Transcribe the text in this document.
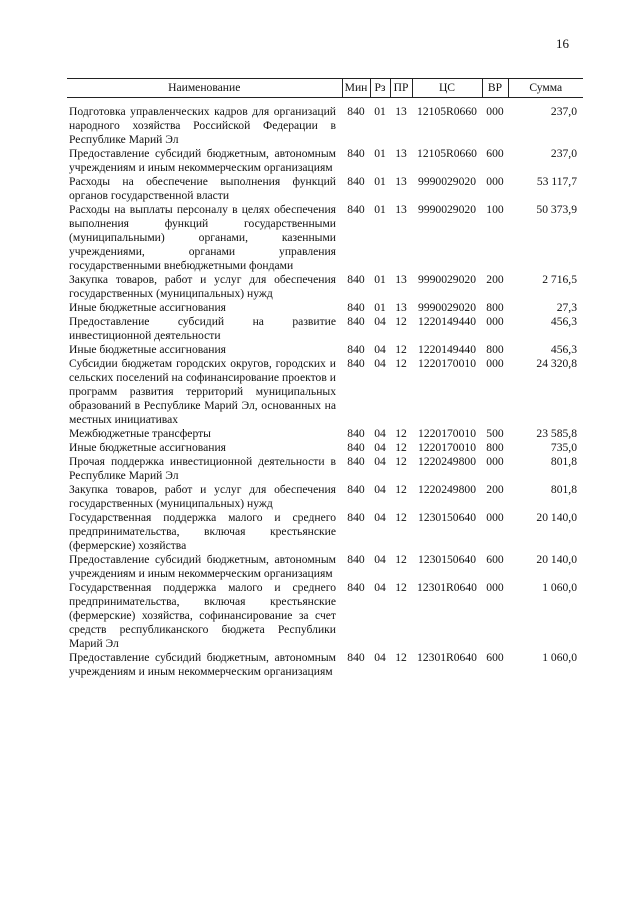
16
Наименование	Мин	Рз	ПР	ЦС	ВР	Сумма
Подготовка управленческих кадров для организаций народного хозяйства Российской Федерации в Республике Марий Эл	840	01	13	12105R0660	000	237,0
Предоставление субсидий бюджетным, автономным учреждениям и иным некоммерческим организациям	840	01	13	12105R0660	600	237,0
Расходы на обеспечение выполнения функций органов государственной власти	840	01	13	9990029020	000	53 117,7
Расходы на выплаты персоналу в целях обеспечения выполнения функций государственными (муниципальными) органами, казенными учреждениями, органами управления государственными внебюджетными фондами	840	01	13	9990029020	100	50 373,9
Закупка товаров, работ и услуг для обеспечения государственных (муниципальных) нужд	840	01	13	9990029020	200	2 716,5
Иные бюджетные ассигнования	840	01	13	9990029020	800	27,3
Предоставление субсидий на развитие инвестиционной деятельности	840	04	12	1220149440	000	456,3
Иные бюджетные ассигнования	840	04	12	1220149440	800	456,3
Субсидии бюджетам городских округов, городских и сельских поселений на софинансирование проектов и программ развития территорий муниципальных образований в Республике Марий Эл, основанных на местных инициативах	840	04	12	1220170010	000	24 320,8
Межбюджетные трансферты	840	04	12	1220170010	500	23 585,8
Иные бюджетные ассигнования	840	04	12	1220170010	800	735,0
Прочая поддержка инвестиционной деятельности в Республике Марий Эл	840	04	12	1220249800	000	801,8
Закупка товаров, работ и услуг для обеспечения государственных (муниципальных) нужд	840	04	12	1220249800	200	801,8
Государственная поддержка малого и среднего предпринимательства, включая крестьянские (фермерские) хозяйства	840	04	12	1230150640	000	20 140,0
Предоставление субсидий бюджетным, автономным учреждениям и иным некоммерческим организациям	840	04	12	1230150640	600	20 140,0
Государственная поддержка малого и среднего предпринимательства, включая крестьянские (фермерские) хозяйства, софинансирование за счет средств республиканского бюджета Республики Марий Эл	840	04	12	12301R0640	000	1 060,0
Предоставление субсидий бюджетным, автономным учреждениям и иным некоммерческим организациям	840	04	12	12301R0640	600	1 060,0
